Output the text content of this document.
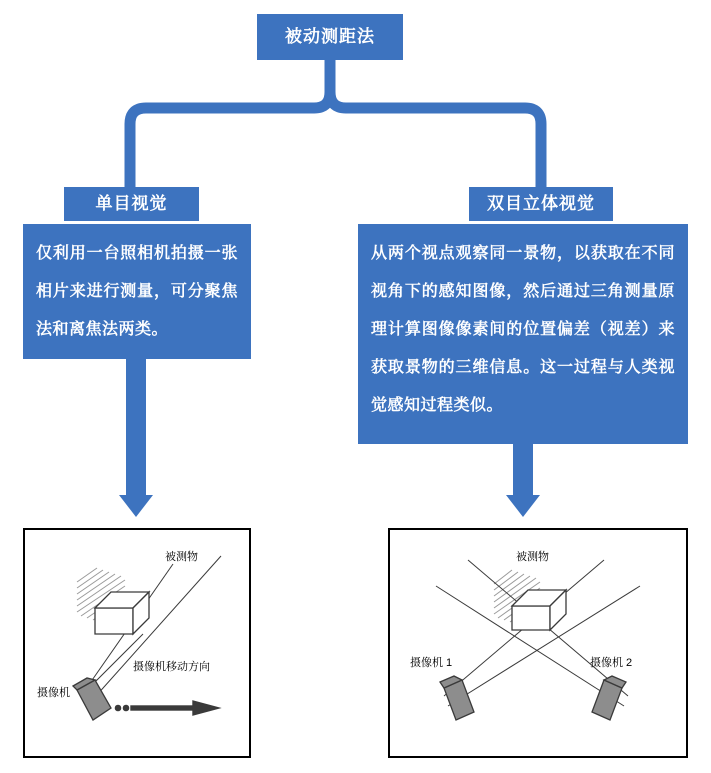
被动测距法
单目视觉
仅利用一台照相机拍摄一张相片来进行测量，可分聚焦法和离焦法两类。
双目立体视觉
从两个视点观察同一景物，以获取在不同视角下的感知图像，然后通过三角测量原理计算图像像素间的位置偏差（视差）来获取景物的三维信息。这一过程与人类视觉感知过程类似。
被测物
摄像机
摄像机移动方向
被测物
摄像机 1	摄像机 2
